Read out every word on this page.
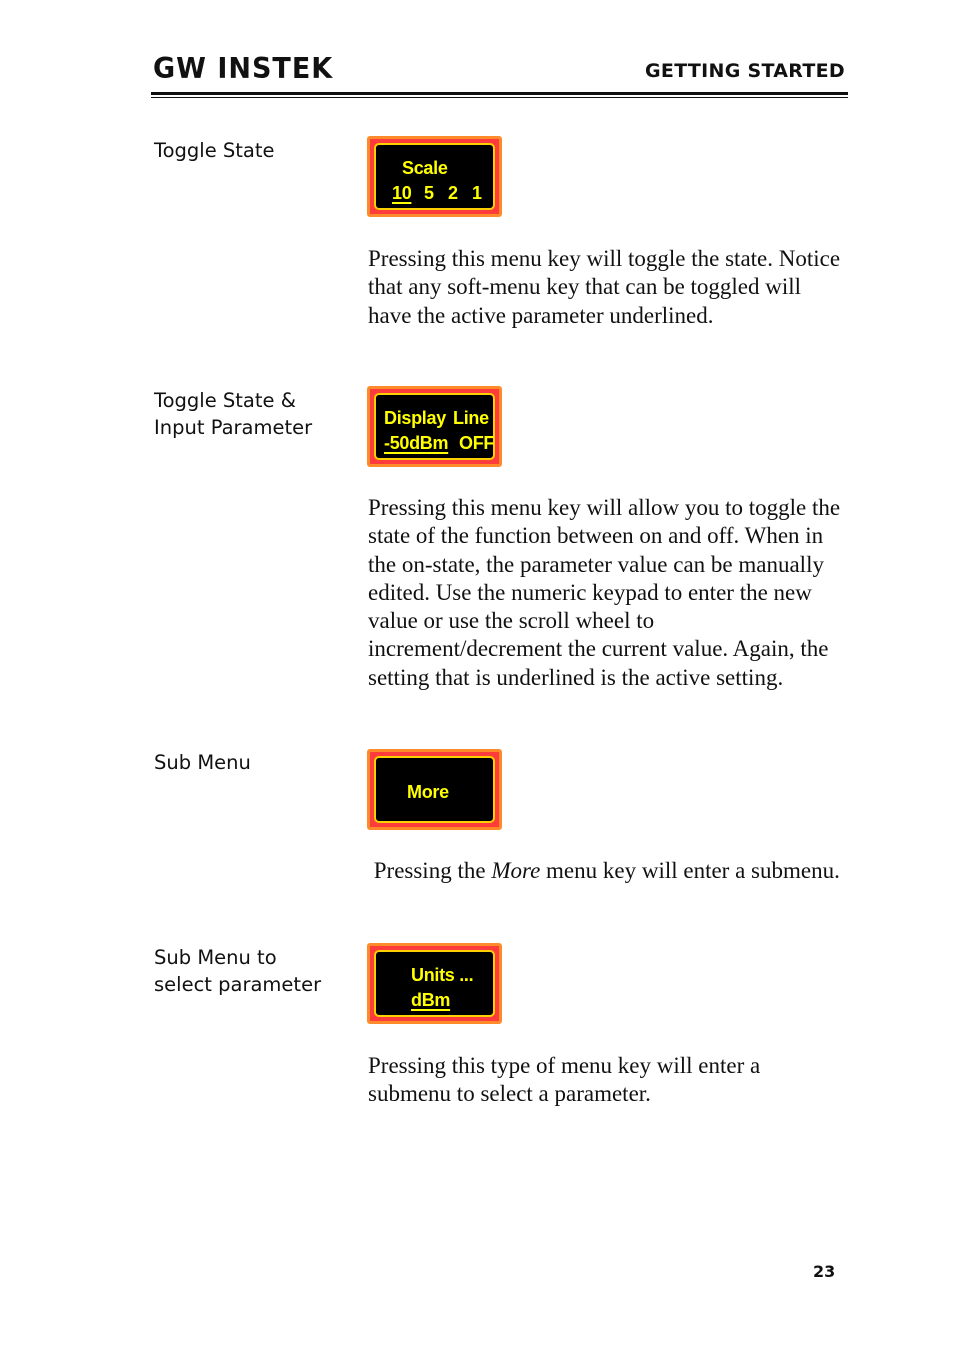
GW INSTEK	GETTING STARTED
Toggle State
Scale
10 5 2 1
Pressing this menu key will toggle the state. Notice that any soft-menu key that can be toggled will have the active parameter underlined.
Toggle State &
Input Parameter	Display Line
-50dBm OFF
Pressing this menu key will allow you to toggle the state of the function between on and off. When in the on-state, the parameter value can be manually edited. Use the numeric keypad to enter the new value or use the scroll wheel to increment/decrement the current value. Again, the setting that is underlined is the active setting.
Sub Menu
More
Pressing the More menu key will enter a submenu.
Sub Menu to
select parameter	Units ...
dBm
Pressing this type of menu key will enter a submenu to select a parameter.
23
